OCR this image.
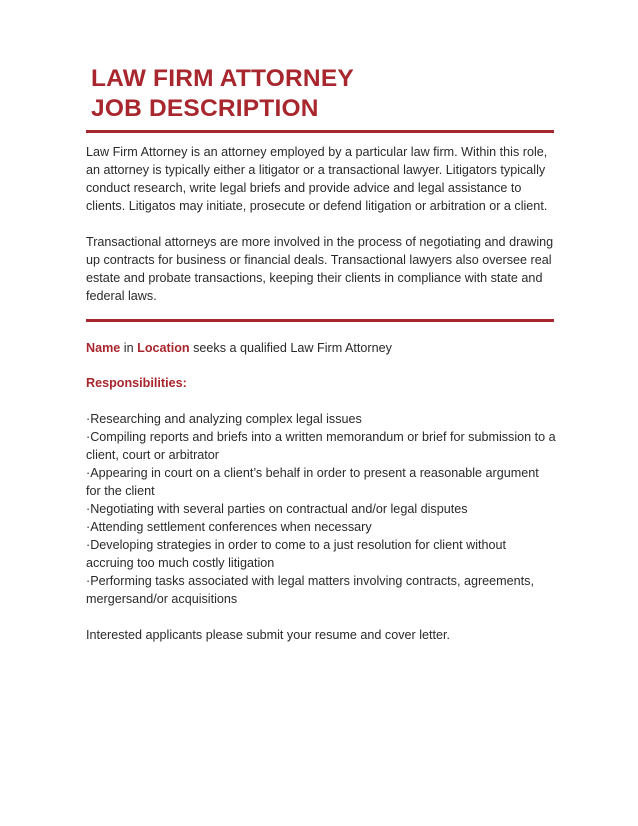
LAW FIRM ATTORNEY
JOB DESCRIPTION

Law Firm Attorney is an attorney employed by a particular law firm. Within this role, an attorney is typically either a litigator or a transactional lawyer. Litigators typically conduct research, write legal briefs and provide advice and legal assistance to clients. Litigatos may initiate, prosecute or defend litigation or arbitration or a client.

Transactional attorneys are more involved in the process of negotiating and drawing up contracts for business or financial deals. Transactional lawyers also oversee real estate and probate transactions, keeping their clients in compliance with state and federal laws.

Name in Location seeks a qualified Law Firm Attorney

Responsibilities:

·Researching and analyzing complex legal issues
·Compiling reports and briefs into a written memorandum or brief for submission to a client, court or arbitrator
·Appearing in court on a client’s behalf in order to present a reasonable argument for the client
·Negotiating with several parties on contractual and/or legal disputes
·Attending settlement conferences when necessary
·Developing strategies in order to come to a just resolution for client without accruing too much costly litigation
·Performing tasks associated with legal matters involving contracts, agreements, mergersand/or acquisitions

Interested applicants please submit your resume and cover letter.
